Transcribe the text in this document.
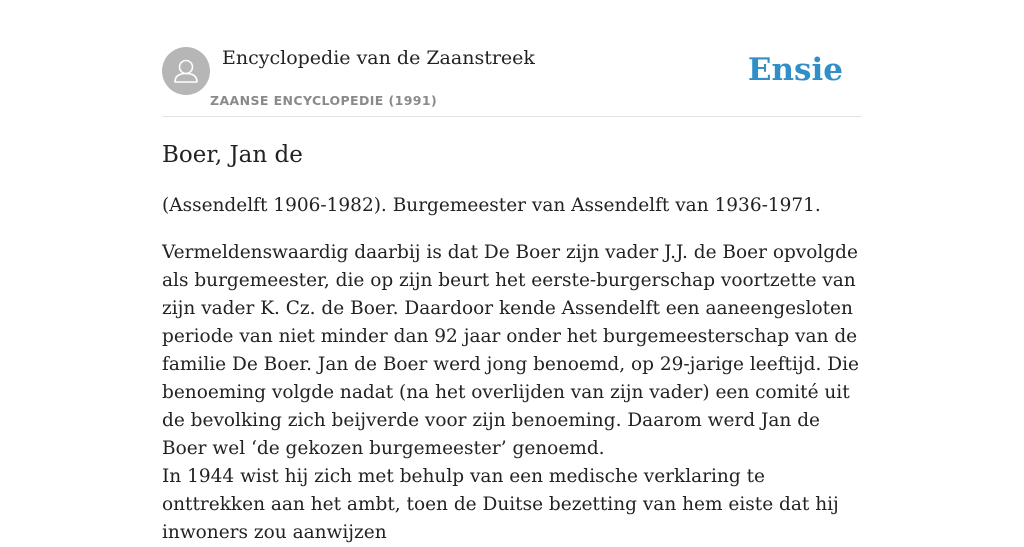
Encyclopedie van de Zaanstreek
ZAANSE ENCYCLOPEDIE (1991)
Ensie
Boer, Jan de

(Assendelft 1906-1982). Burgemeester van Assendelft van 1936-1971.

Vermeldenswaardig daarbij is dat De Boer zijn vader J.J. de Boer opvolgde als burgemeester, die op zijn beurt het eerste-burgerschap voortzette van zijn vader K. Cz. de Boer. Daardoor kende Assendelft een aaneengesloten periode van niet minder dan 92 jaar onder het burgemeesterschap van de familie De Boer. Jan de Boer werd jong benoemd, op 29-jarige leeftijd. Die benoeming volgde nadat (na het overlijden van zijn vader) een comité uit de bevolking zich beijverde voor zijn benoeming. Daarom werd Jan de Boer wel ‘de gekozen burgemeester’ genoemd.

In 1944 wist hij zich met behulp van een medische verklaring te onttrekken aan het ambt, toen de Duitse bezetting van hem eiste dat hij inwoners zou aanwijzen
